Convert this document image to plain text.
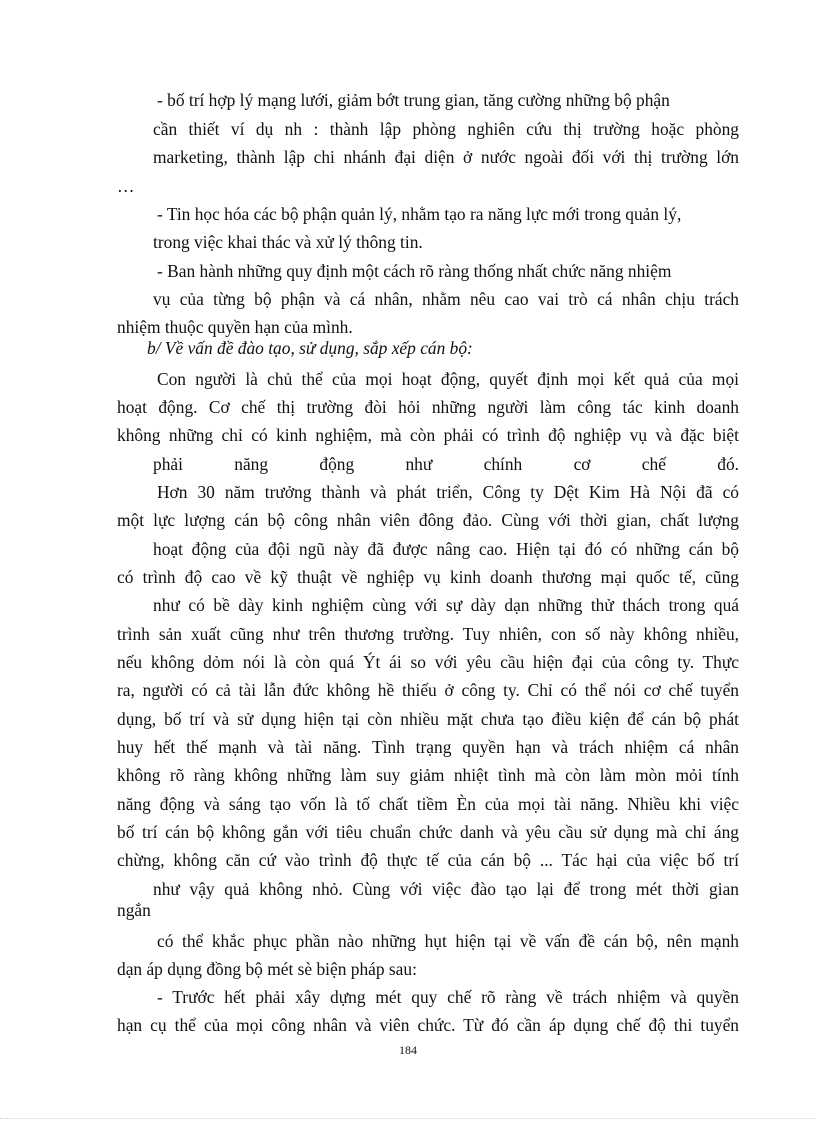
- bố trí hợp lý mạng lưới, giảm bớt trung gian, tăng cường những bộ phận
cần thiết ví dụ nh : thành lập phòng nghiên cứu thị trường hoặc phòng
marketing, thành lập chi nhánh đại diện ở nước ngoài đối với thị trường lớn
…
- Tin học hóa các bộ phận quản lý, nhằm tạo ra năng lực mới trong quản lý,
trong việc khai thác và xử lý thông tin.
- Ban hành những quy định một cách rõ ràng thống nhất chức năng nhiệm
vụ của từng bộ phận và cá nhân, nhằm nêu cao vai trò cá nhân chịu trách
nhiệm thuộc quyền hạn của mình.
b/ Về vấn đề đào tạo, sử dụng, sắp xếp cán bộ:
Con người là chủ thể của mọi hoạt động, quyết định mọi kết quả của mọi
hoạt động. Cơ chế thị trường đòi hỏi những người làm công tác kinh doanh
không những chỉ có kinh nghiệm, mà còn phải có trình độ nghiệp vụ và đặc biệt
phải năng động như chính cơ chế đó.
Hơn 30 năm trưởng thành và phát triển, Công ty Dệt Kim Hà Nội đã có
một lực lượng cán bộ công nhân viên đông đảo. Cùng với thời gian, chất lượng
hoạt động của đội ngũ này đã được nâng cao. Hiện tại đó có những cán bộ
có trình độ cao về kỹ thuật về nghiệp vụ kinh doanh thương mại quốc tế, cũng
như có bề dày kinh nghiệm cùng với sự dày dạn những thử thách trong quá
trình sản xuất cũng như trên thương trường. Tuy nhiên, con số này không nhiều,
nếu không dỏm nói là còn quá Ýt ái so với yêu cầu hiện đại của công ty. Thực
ra, người có cả tài lẫn đức không hề thiếu ở công ty. Chỉ có thể nói cơ chế tuyển
dụng, bố trí và sử dụng hiện tại còn nhiều mặt chưa tạo điều kiện để cán bộ phát
huy hết thế mạnh và tài năng. Tình trạng quyền hạn và trách nhiệm cá nhân
không rõ ràng không những làm suy giảm nhiệt tình mà còn làm mòn mỏi tính
năng động và sáng tạo vốn là tố chất tiềm Èn của mọi tài năng. Nhiều khi việc
bố trí cán bộ không gắn với tiêu chuẩn chức danh và yêu cầu sử dụng mà chỉ áng
chừng, không căn cứ vào trình độ thực tế của cán bộ ... Tác hại của việc bố trí
như vậy quả không nhỏ. Cùng với việc đào tạo lại để trong mét thời gian
ngắn
có thể khắc phục phần nào những hụt hiện tại về vấn đề cán bộ, nên mạnh
dạn áp dụng đồng bộ mét sè biện pháp sau:
- Trước hết phải xây dựng mét quy chế rõ ràng về trách nhiệm và quyền
hạn cụ thể của mọi công nhân và viên chức. Từ đó cần áp dụng chế độ thi tuyển
184
